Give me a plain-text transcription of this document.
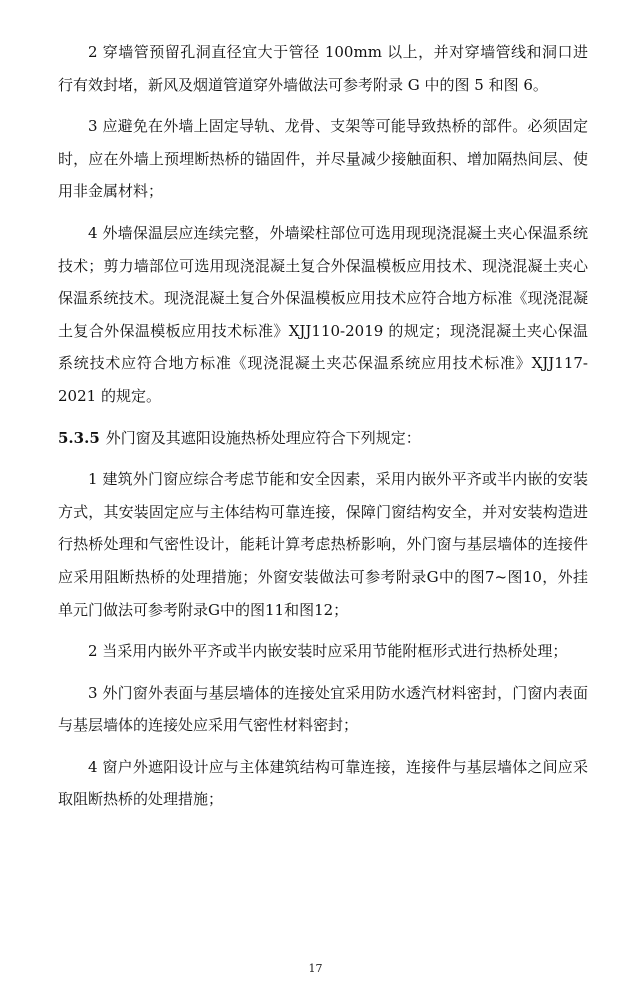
2 穿墙管预留孔洞直径宜大于管径 100mm 以上，并对穿墙管线和洞口进行有效封堵，新风及烟道管道穿外墙做法可参考附录 G 中的图 5 和图 6。

3 应避免在外墙上固定导轨、龙骨、支架等可能导致热桥的部件。必须固定时，应在外墙上预埋断热桥的锚固件，并尽量减少接触面积、增加隔热间层、使用非金属材料；

4 外墙保温层应连续完整，外墙梁柱部位可选用现现浇混凝土夹心保温系统技术；剪力墙部位可选用现浇混凝土复合外保温模板应用技术、现浇混凝土夹心保温系统技术。现浇混凝土复合外保温模板应用技术应符合地方标准《现浇混凝土复合外保温模板应用技术标准》XJJ110-2019 的规定；现浇混凝土夹心保温系统技术应符合地方标准《现浇混凝土夹芯保温系统应用技术标准》XJJ117-2021 的规定。

5.3.5 外门窗及其遮阳设施热桥处理应符合下列规定：

1 建筑外门窗应综合考虑节能和安全因素，采用内嵌外平齐或半内嵌的安装方式，其安装固定应与主体结构可靠连接，保障门窗结构安全，并对安装构造进行热桥处理和气密性设计，能耗计算考虑热桥影响，外门窗与基层墙体的连接件应采用阻断热桥的处理措施；外窗安装做法可参考附录G中的图7~图10，外挂单元门做法可参考附录G中的图11和图12；

2 当采用内嵌外平齐或半内嵌安装时应采用节能附框形式进行热桥处理；

3 外门窗外表面与基层墙体的连接处宜采用防水透汽材料密封，门窗内表面与基层墙体的连接处应采用气密性材料密封；

4 窗户外遮阳设计应与主体建筑结构可靠连接，连接件与基层墙体之间应采取阻断热桥的处理措施；

17
